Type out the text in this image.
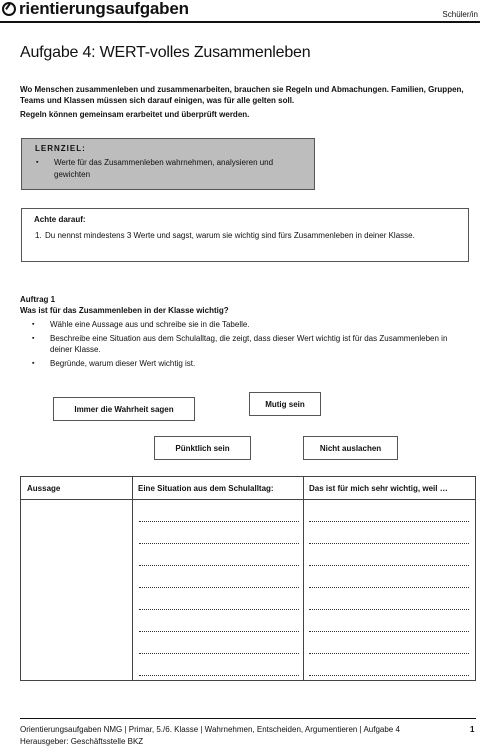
rientierungsaufgaben	Schüler/in
Aufgabe 4: WERT-volles Zusammenleben

Wo Menschen zusammenleben und zusammenarbeiten, brauchen sie Regeln und Abmachungen. Familien, Gruppen, Teams und Klassen müssen sich darauf einigen, was für alle gelten soll.

Regeln können gemeinsam erarbeitet und überprüft werden.

LERNZIEL:
▪ Werte für das Zusammenleben wahrnehmen, analysieren und gewichten
Achte darauf:
1. Du nennst mindestens 3 Werte und sagst, warum sie wichtig sind fürs Zusammenleben in deiner Klasse.
Auftrag 1
Was ist für das Zusammenleben in der Klasse wichtig?
▪ Wähle eine Aussage aus und schreibe sie in die Tabelle.
▪ Beschreibe eine Situation aus dem Schulalltag, die zeigt, dass dieser Wert wichtig ist für das Zusammenleben in deiner Klasse.
▪ Begründe, warum dieser Wert wichtig ist.
Immer die Wahrheit sagen
Mutig sein
Pünktlich sein	Nicht auslachen
Aussage	Eine Situation aus dem Schulalltag:	Das ist für mich sehr wichtig, weil …
Orientierungsaufgaben NMG | Primar, 5./6. Klasse | Wahrnehmen, Entscheiden, Argumentieren | Aufgabe 4	1
Herausgeber: Geschäftsstelle BKZ
